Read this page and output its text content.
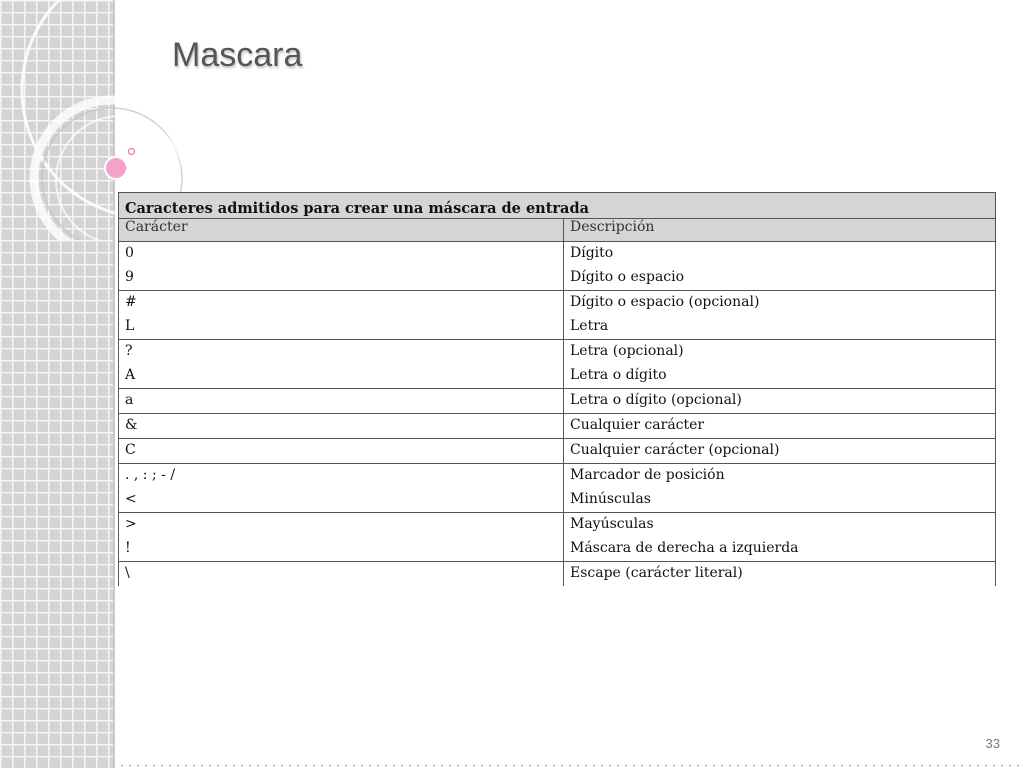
Mascara
Caracteres admitidos para crear una máscara de entrada	
Carácter	Descripción
0	Dígito
9	Dígito o espacio
#	Dígito o espacio (opcional)
L	Letra
?	Letra (opcional)
A	Letra o dígito
a	Letra o dígito (opcional)
&	Cualquier carácter
C	Cualquier carácter (opcional)
. , : ; - /	Marcador de posición
<	Minúsculas
>	Mayúsculas
!	Máscara de derecha a izquierda
\	Escape (carácter literal)
33
